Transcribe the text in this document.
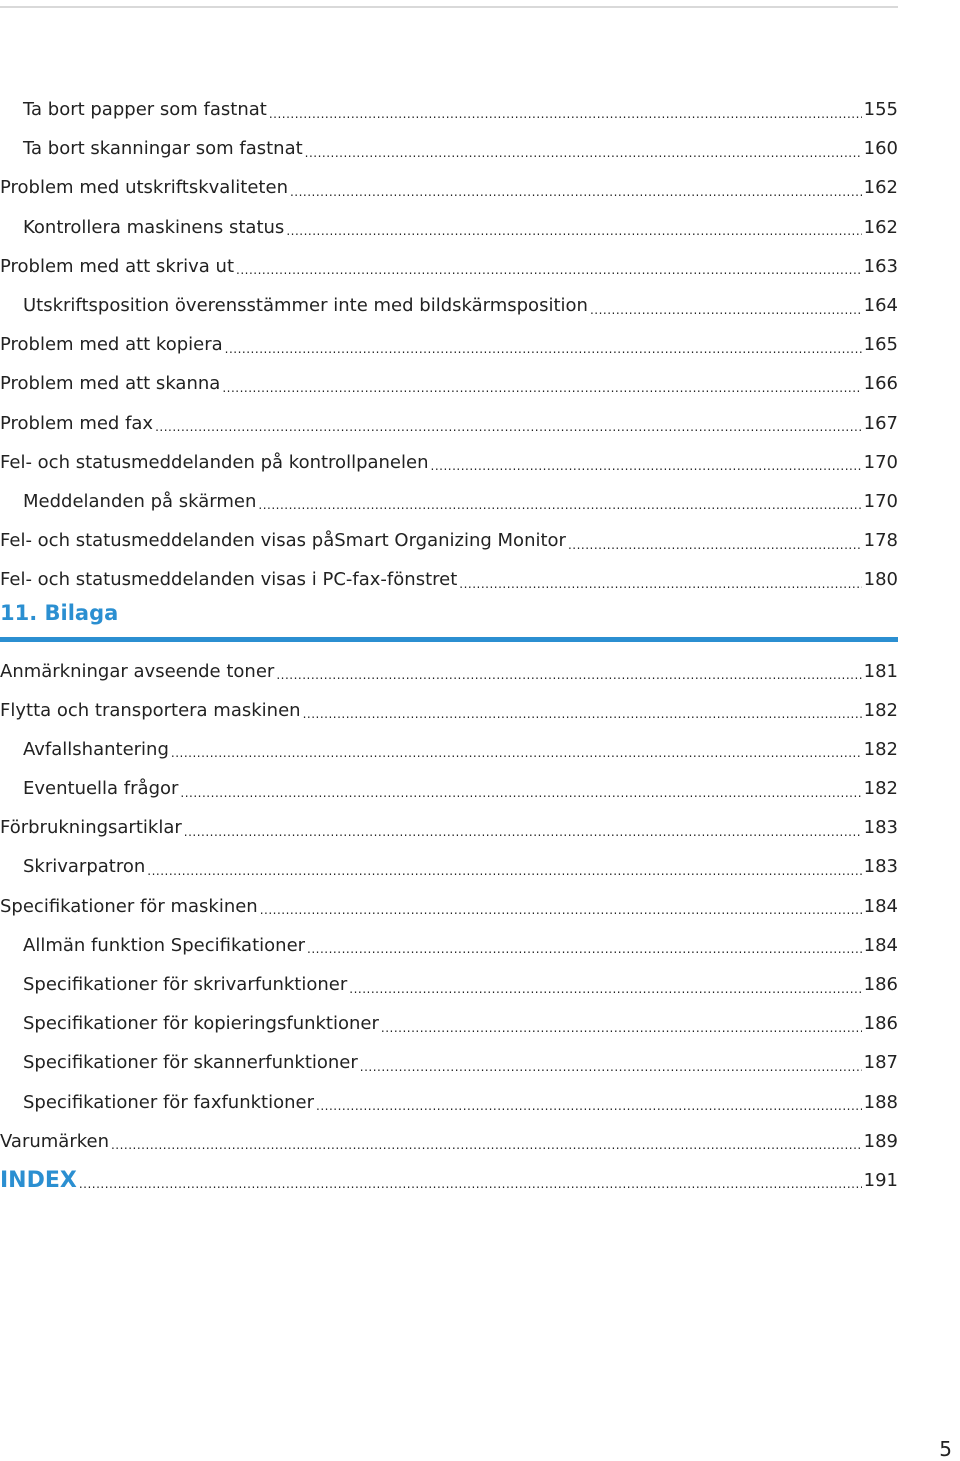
Ta bort papper som fastnat .....	155
Ta bort skanningar som fastnat .....	160
Problem med utskriftskvaliteten .....	162
Kontrollera maskinens status .....	162
Problem med att skriva ut .....	163
Utskriftsposition överensstämmer inte med bildskärmsposition .....	164
Problem med att kopiera .....	165
Problem med att skanna .....	166
Problem med fax .....	167
Fel- och statusmeddelanden på kontrollpanelen .....	170
Meddelanden på skärmen .....	170
Fel- och statusmeddelanden visas påSmart Organizing Monitor .....	178
Fel- och statusmeddelanden visas i PC-fax-fönstret .....	180
11. Bilaga
Anmärkningar avseende toner .....	181
Flytta och transportera maskinen .....	182
Avfallshantering .....	182
Eventuella frågor .....	182
Förbrukningsartiklar .....	183
Skrivarpatron .....	183
Specifikationer för maskinen .....	184
Allmän funktion Specifikationer .....	184
Specifikationer för skrivarfunktioner .....	186
Specifikationer för kopieringsfunktioner .....	186
Specifikationer för skannerfunktioner .....	187
Specifikationer för faxfunktioner .....	188
Varumärken .....	189
INDEX .....	191
5
